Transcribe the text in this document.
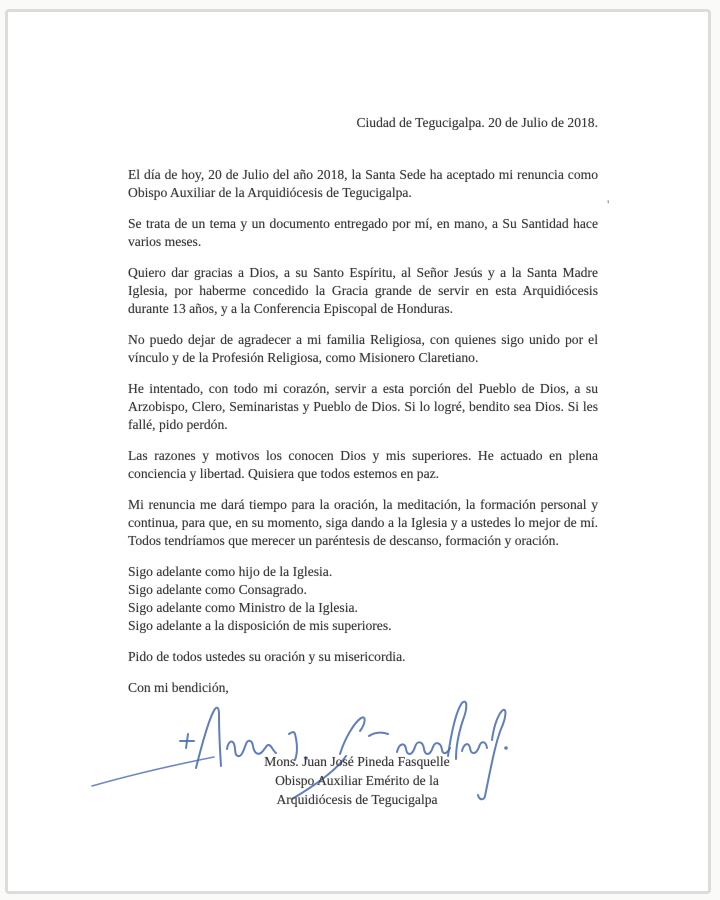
Ciudad de Tegucigalpa. 20 de Julio de 2018.

El día de hoy, 20 de Julio del año 2018, la Santa Sede ha aceptado mi renuncia como Obispo Auxiliar de la Arquidiócesis de Tegucigalpa.

Se trata de un tema y un documento entregado por mí, en mano, a Su Santidad hace varios meses.

Quiero dar gracias a Dios, a su Santo Espíritu, al Señor Jesús y a la Santa Madre Iglesia, por haberme concedido la Gracia grande de servir en esta Arquidiócesis durante 13 años, y a la Conferencia Episcopal de Honduras.

No puedo dejar de agradecer a mi familia Religiosa, con quienes sigo unido por el vínculo y de la Profesión Religiosa, como Misionero Claretiano.

He intentado, con todo mi corazón, servir a esta porción del Pueblo de Dios, a su Arzobispo, Clero, Seminaristas y Pueblo de Dios. Si lo logré, bendito sea Dios. Si les fallé, pido perdón.

Las razones y motivos los conocen Dios y mis superiores. He actuado en plena conciencia y libertad. Quisiera que todos estemos en paz.

Mi renuncia me dará tiempo para la oración, la meditación, la formación personal y continua, para que, en su momento, siga dando a la Iglesia y a ustedes lo mejor de mí. Todos tendríamos que merecer un paréntesis de descanso, formación y oración.

Sigo adelante como hijo de la Iglesia.
Sigo adelante como Consagrado.
Sigo adelante como Ministro de la Iglesia.
Sigo adelante a la disposición de mis superiores.

Pido de todos ustedes su oración y su misericordia.

Con mi bendición,

Mons. Juan José Pineda Fasquelle
Obispo Auxiliar Emérito de la
Arquidiócesis de Tegucigalpa
'
